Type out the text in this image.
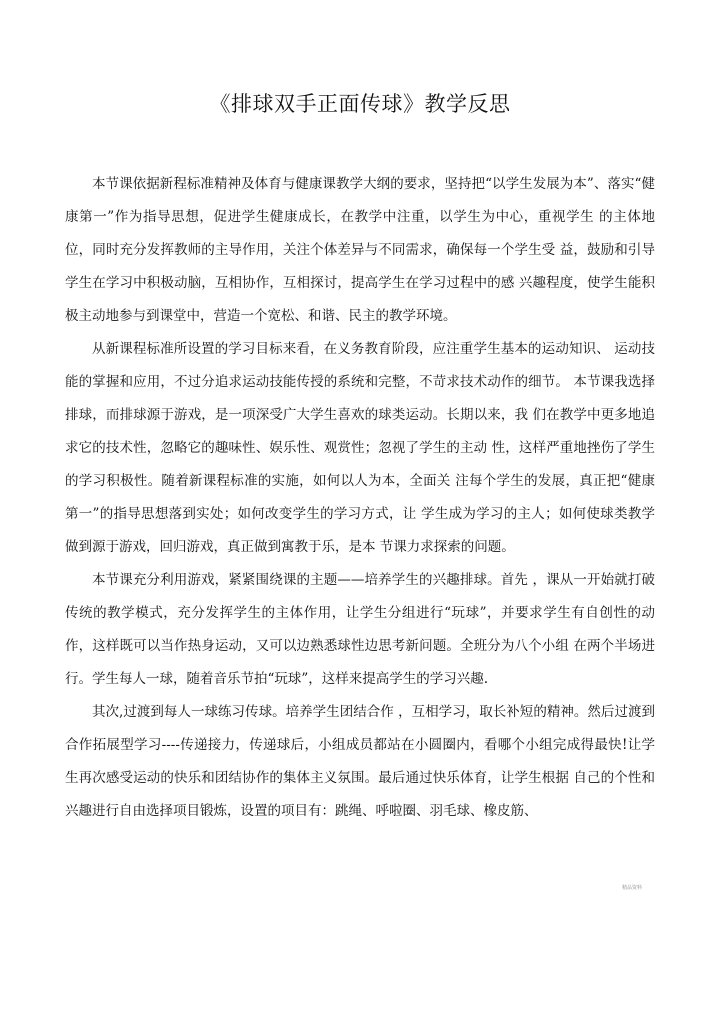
《排球双手正面传球》教学反思

本节课依据新程标准精神及体育与健康课教学大纲的要求，坚持把“以学生发展为本”、落实“健康第一”作为指导思想，促进学生健康成长，在教学中注重，以学生为中心，重视学生 的主体地位，同时充分发挥教师的主导作用，关注个体差异与不同需求，确保每一个学生受 益，鼓励和引导学生在学习中积极动脑，互相协作，互相探讨，提高学生在学习过程中的感 兴趣程度，使学生能积极主动地参与到课堂中，营造一个宽松、和谐、民主的教学环境。

从新课程标准所设置的学习目标来看，在义务教育阶段，应注重学生基本的运动知识、 运动技能的掌握和应用，不过分追求运动技能传授的系统和完整，不苛求技术动作的细节。 本节课我选择排球，而排球源于游戏，是一项深受广大学生喜欢的球类运动。长期以来，我 们在教学中更多地追求它的技术性，忽略它的趣味性、娱乐性、观赏性；忽视了学生的主动 性，这样严重地挫伤了学生的学习积极性。随着新课程标准的实施，如何以人为本，全面关 注每个学生的发展，真正把“健康第一”的指导思想落到实处；如何改变学生的学习方式，让 学生成为学习的主人；如何使球类教学做到源于游戏，回归游戏，真正做到寓教于乐，是本 节课力求探索的问题。

本节课充分利用游戏，紧紧围绕课的主题——培养学生的兴趣排球。首先 ，课从一开始就打破传统的教学模式，充分发挥学生的主体作用，让学生分组进行“玩球”，并要求学生有自创性的动作，这样既可以当作热身运动，又可以边熟悉球性边思考新问题。全班分为八个小组 在两个半场进行。学生每人一球，随着音乐节拍“玩球”，这样来提高学生的学习兴趣.

其次,过渡到每人一球练习传球。培养学生团结合作 ，互相学习，取长补短的精神。然后过渡到合作拓展型学习----传递接力，传递球后，小组成员都站在小圆圈内，看哪个小组完成得最快!让学生再次感受运动的快乐和团结协作的集体主义氛围。最后通过快乐体育，让学生根据 自己的个性和兴趣进行自由选择项目锻炼，设置的项目有：跳绳、呼啦圈、羽毛球、橡皮筋、

精品资料
